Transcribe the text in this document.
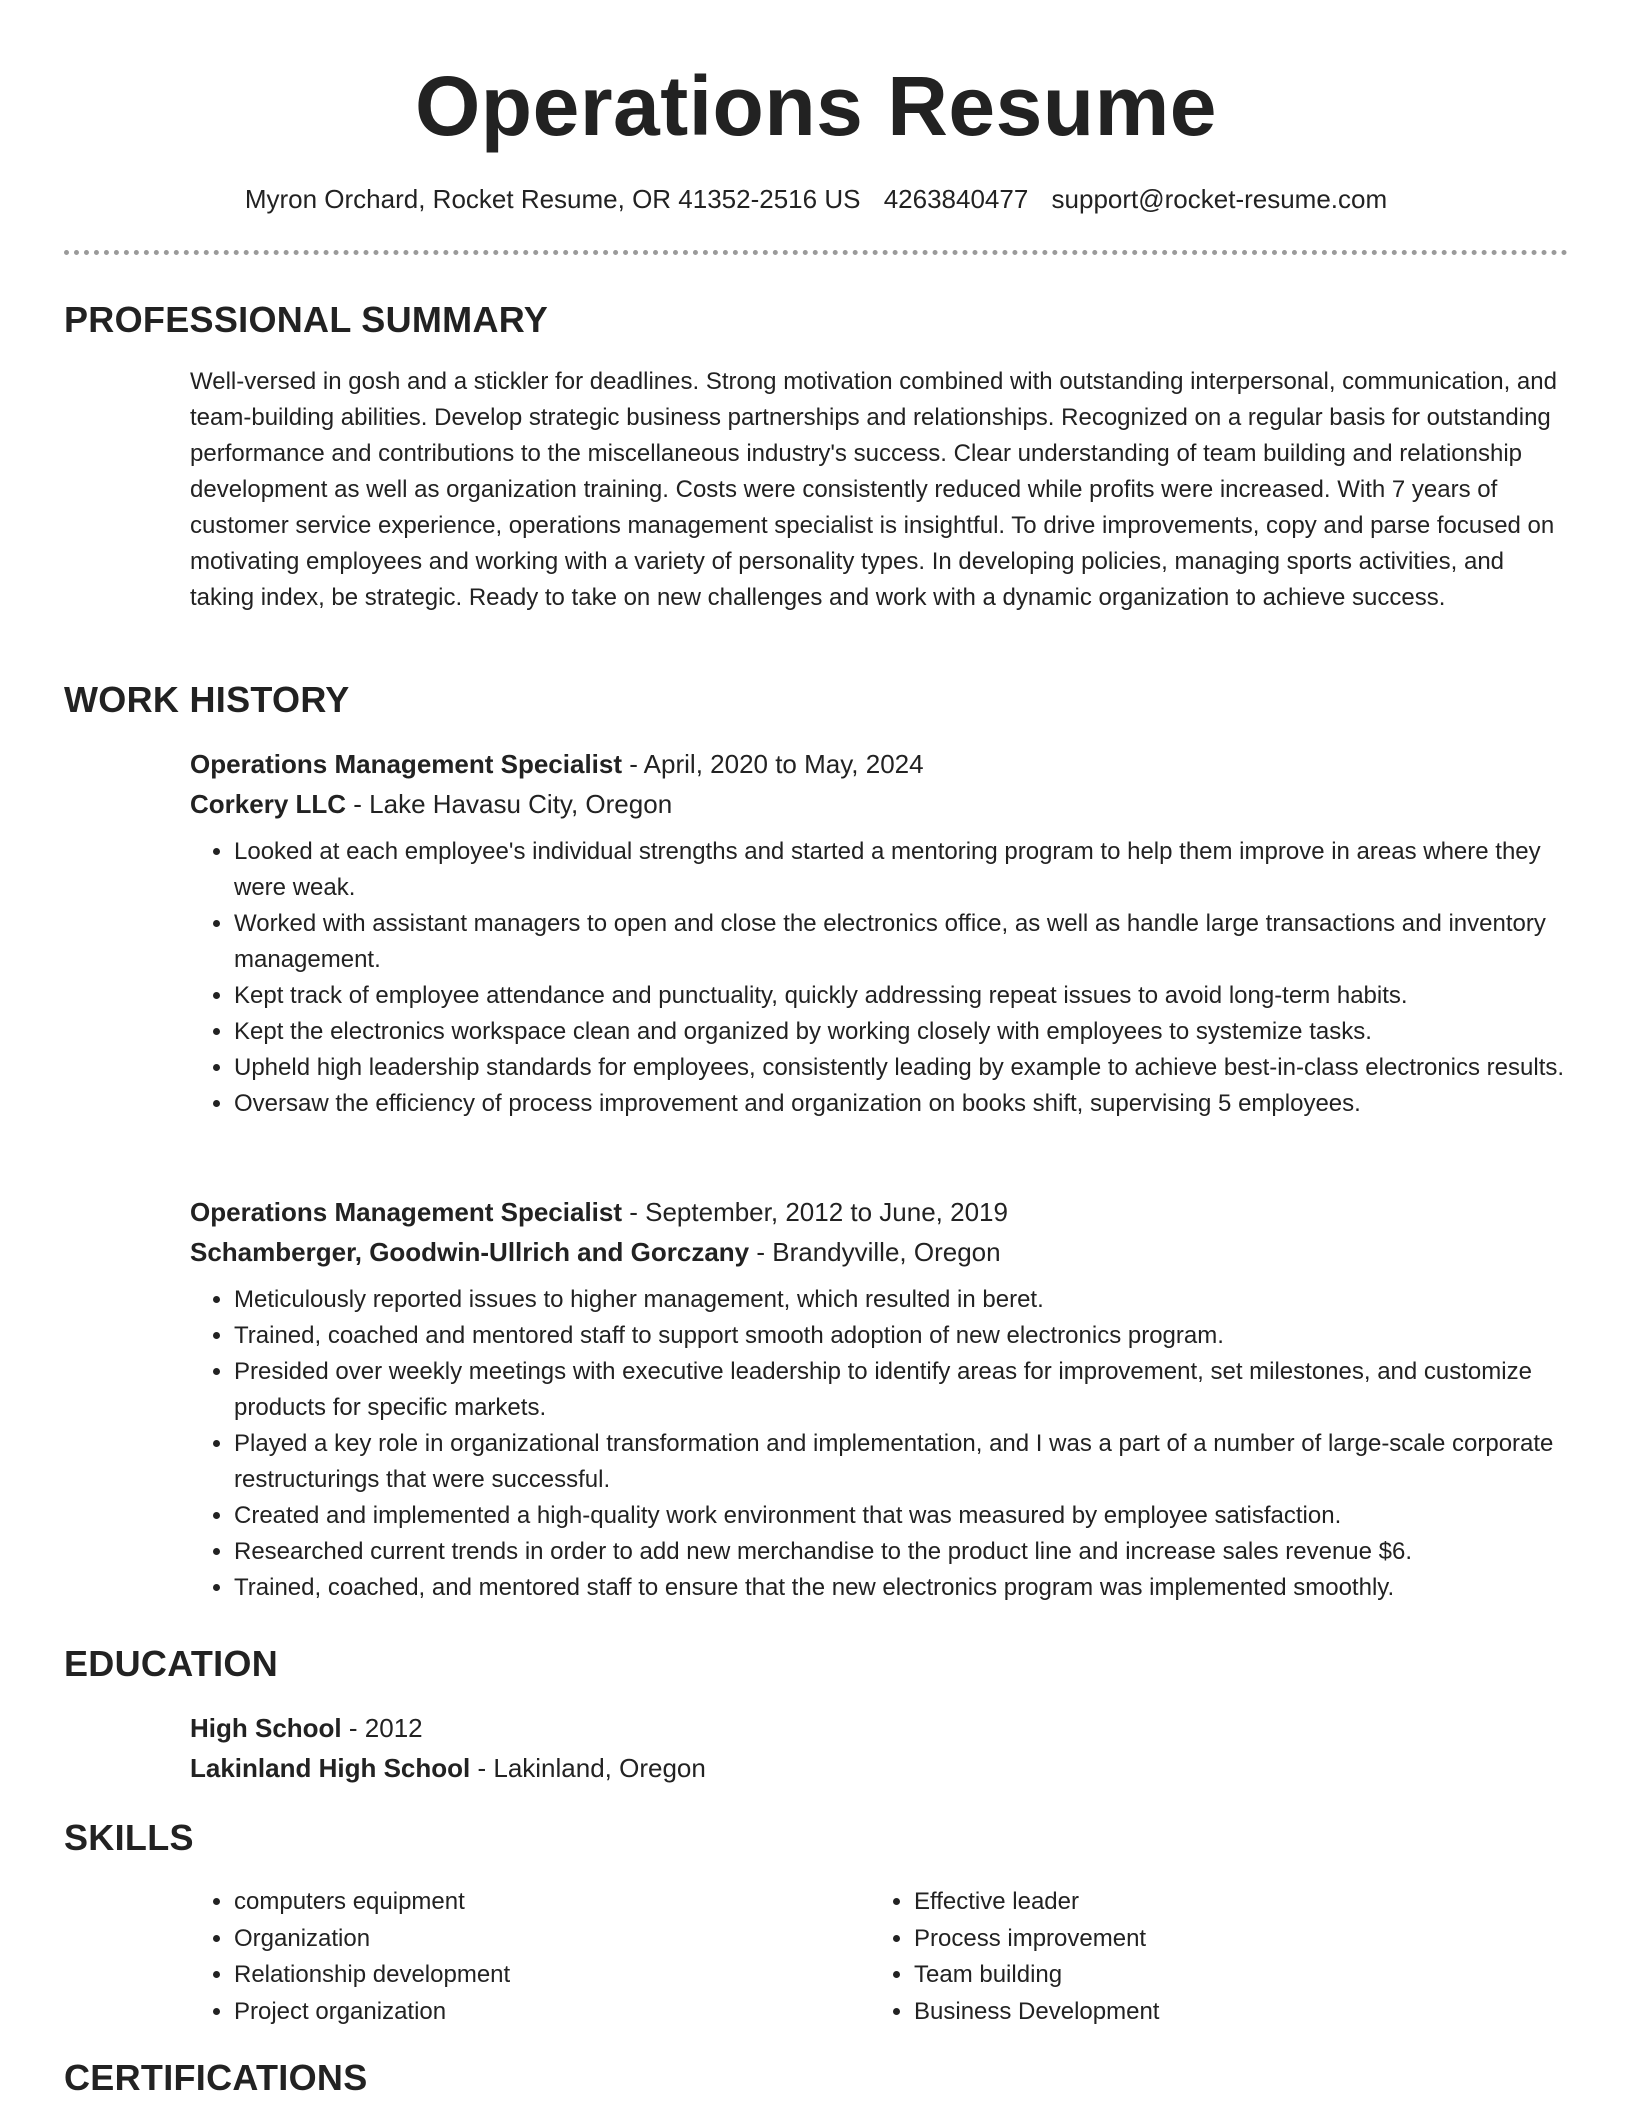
Operations Resume
Myron Orchard, Rocket Resume, OR 41352-2516 US 4263840477 support@rocket-resume.com
PROFESSIONAL SUMMARY

Well-versed in gosh and a stickler for deadlines. Strong motivation combined with outstanding interpersonal, communication, and team-building abilities. Develop strategic business partnerships and relationships. Recognized on a regular basis for outstanding performance and contributions to the miscellaneous industry's success. Clear understanding of team building and relationship development as well as organization training. Costs were consistently reduced while profits were increased. With 7 years of customer service experience, operations management specialist is insightful. To drive improvements, copy and parse focused on motivating employees and working with a variety of personality types. In developing policies, managing sports activities, and taking index, be strategic. Ready to take on new challenges and work with a dynamic organization to achieve success.

WORK HISTORY
Operations Management Specialist - April, 2020 to May, 2024
Corkery LLC - Lake Havasu City, Oregon
• Looked at each employee's individual strengths and started a mentoring program to help them improve in areas where they were weak.
• Worked with assistant managers to open and close the electronics office, as well as handle large transactions and inventory management.
• Kept track of employee attendance and punctuality, quickly addressing repeat issues to avoid long-term habits.
• Kept the electronics workspace clean and organized by working closely with employees to systemize tasks.
• Upheld high leadership standards for employees, consistently leading by example to achieve best-in-class electronics results.
• Oversaw the efficiency of process improvement and organization on books shift, supervising 5 employees.
Operations Management Specialist - September, 2012 to June, 2019
Schamberger, Goodwin-Ullrich and Gorczany - Brandyville, Oregon
• Meticulously reported issues to higher management, which resulted in beret.
• Trained, coached and mentored staff to support smooth adoption of new electronics program.
• Presided over weekly meetings with executive leadership to identify areas for improvement, set milestones, and customize products for specific markets.
• Played a key role in organizational transformation and implementation, and I was a part of a number of large-scale corporate restructurings that were successful.
• Created and implemented a high-quality work environment that was measured by employee satisfaction.
• Researched current trends in order to add new merchandise to the product line and increase sales revenue $6.
• Trained, coached, and mentored staff to ensure that the new electronics program was implemented smoothly.
EDUCATION
High School - 2012
Lakinland High School - Lakinland, Oregon
SKILLS
• computers equipment
• Organization
• Relationship development
• Project organization
• Effective leader
• Process improvement
• Team building
• Business Development
CERTIFICATIONS
